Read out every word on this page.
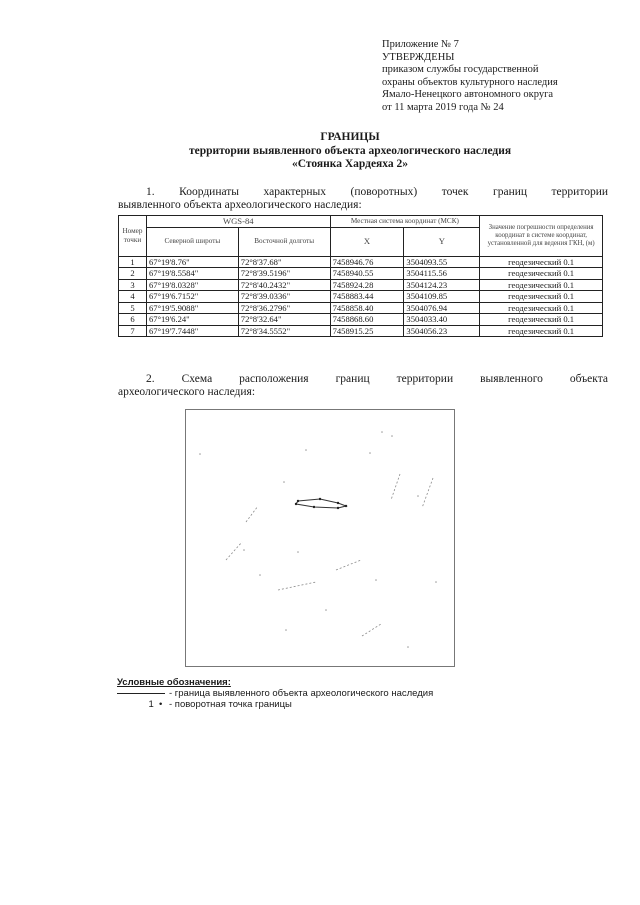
Приложение № 7
УТВЕРЖДЕНЫ
приказом службы государственной
охраны объектов культурного наследия
Ямало-Ненецкого автономного округа
от 11 марта 2019 года № 24
ГРАНИЦЫ
территории выявленного объекта археологического наследия
«Стоянка Хардеяха 2»
1. Координаты характерных (поворотных) точек границ территории
выявленного объекта археологического наследия:
Номер точки	WGS-84		Местная система координат (МСК)		Значение погрешности определения координат в системе координат, установленной для ведения ГКН, (м)
	Северной широты	Восточной долготы	X	Y	
1	67°19'8.76"	72°8'37.68"	7458946.76	3504093.55	геодезический 0.1
2	67°19'8.5584"	72°8'39.5196"	7458940.55	3504115.56	геодезический 0.1
3	67°19'8.0328"	72°8'40.2432"	7458924.28	3504124.23	геодезический 0.1
4	67°19'6.7152"	72°8'39.0336"	7458883.44	3504109.85	геодезический 0.1
5	67°19'5.9088"	72°8'36.2796"	7458858.40	3504076.94	геодезический 0.1
6	67°19'6.24"	72°8'32.64"	7458868.60	3504033.40	геодезический 0.1
7	67°19'7.7448"	72°8'34.5552"	7458915.25	3504056.23	геодезический 0.1
2. Схема расположения границ территории выявленного объекта
археологического наследия:
Условные обозначения:
- граница выявленного объекта археологического наследия
1 • - поворотная точка границы
